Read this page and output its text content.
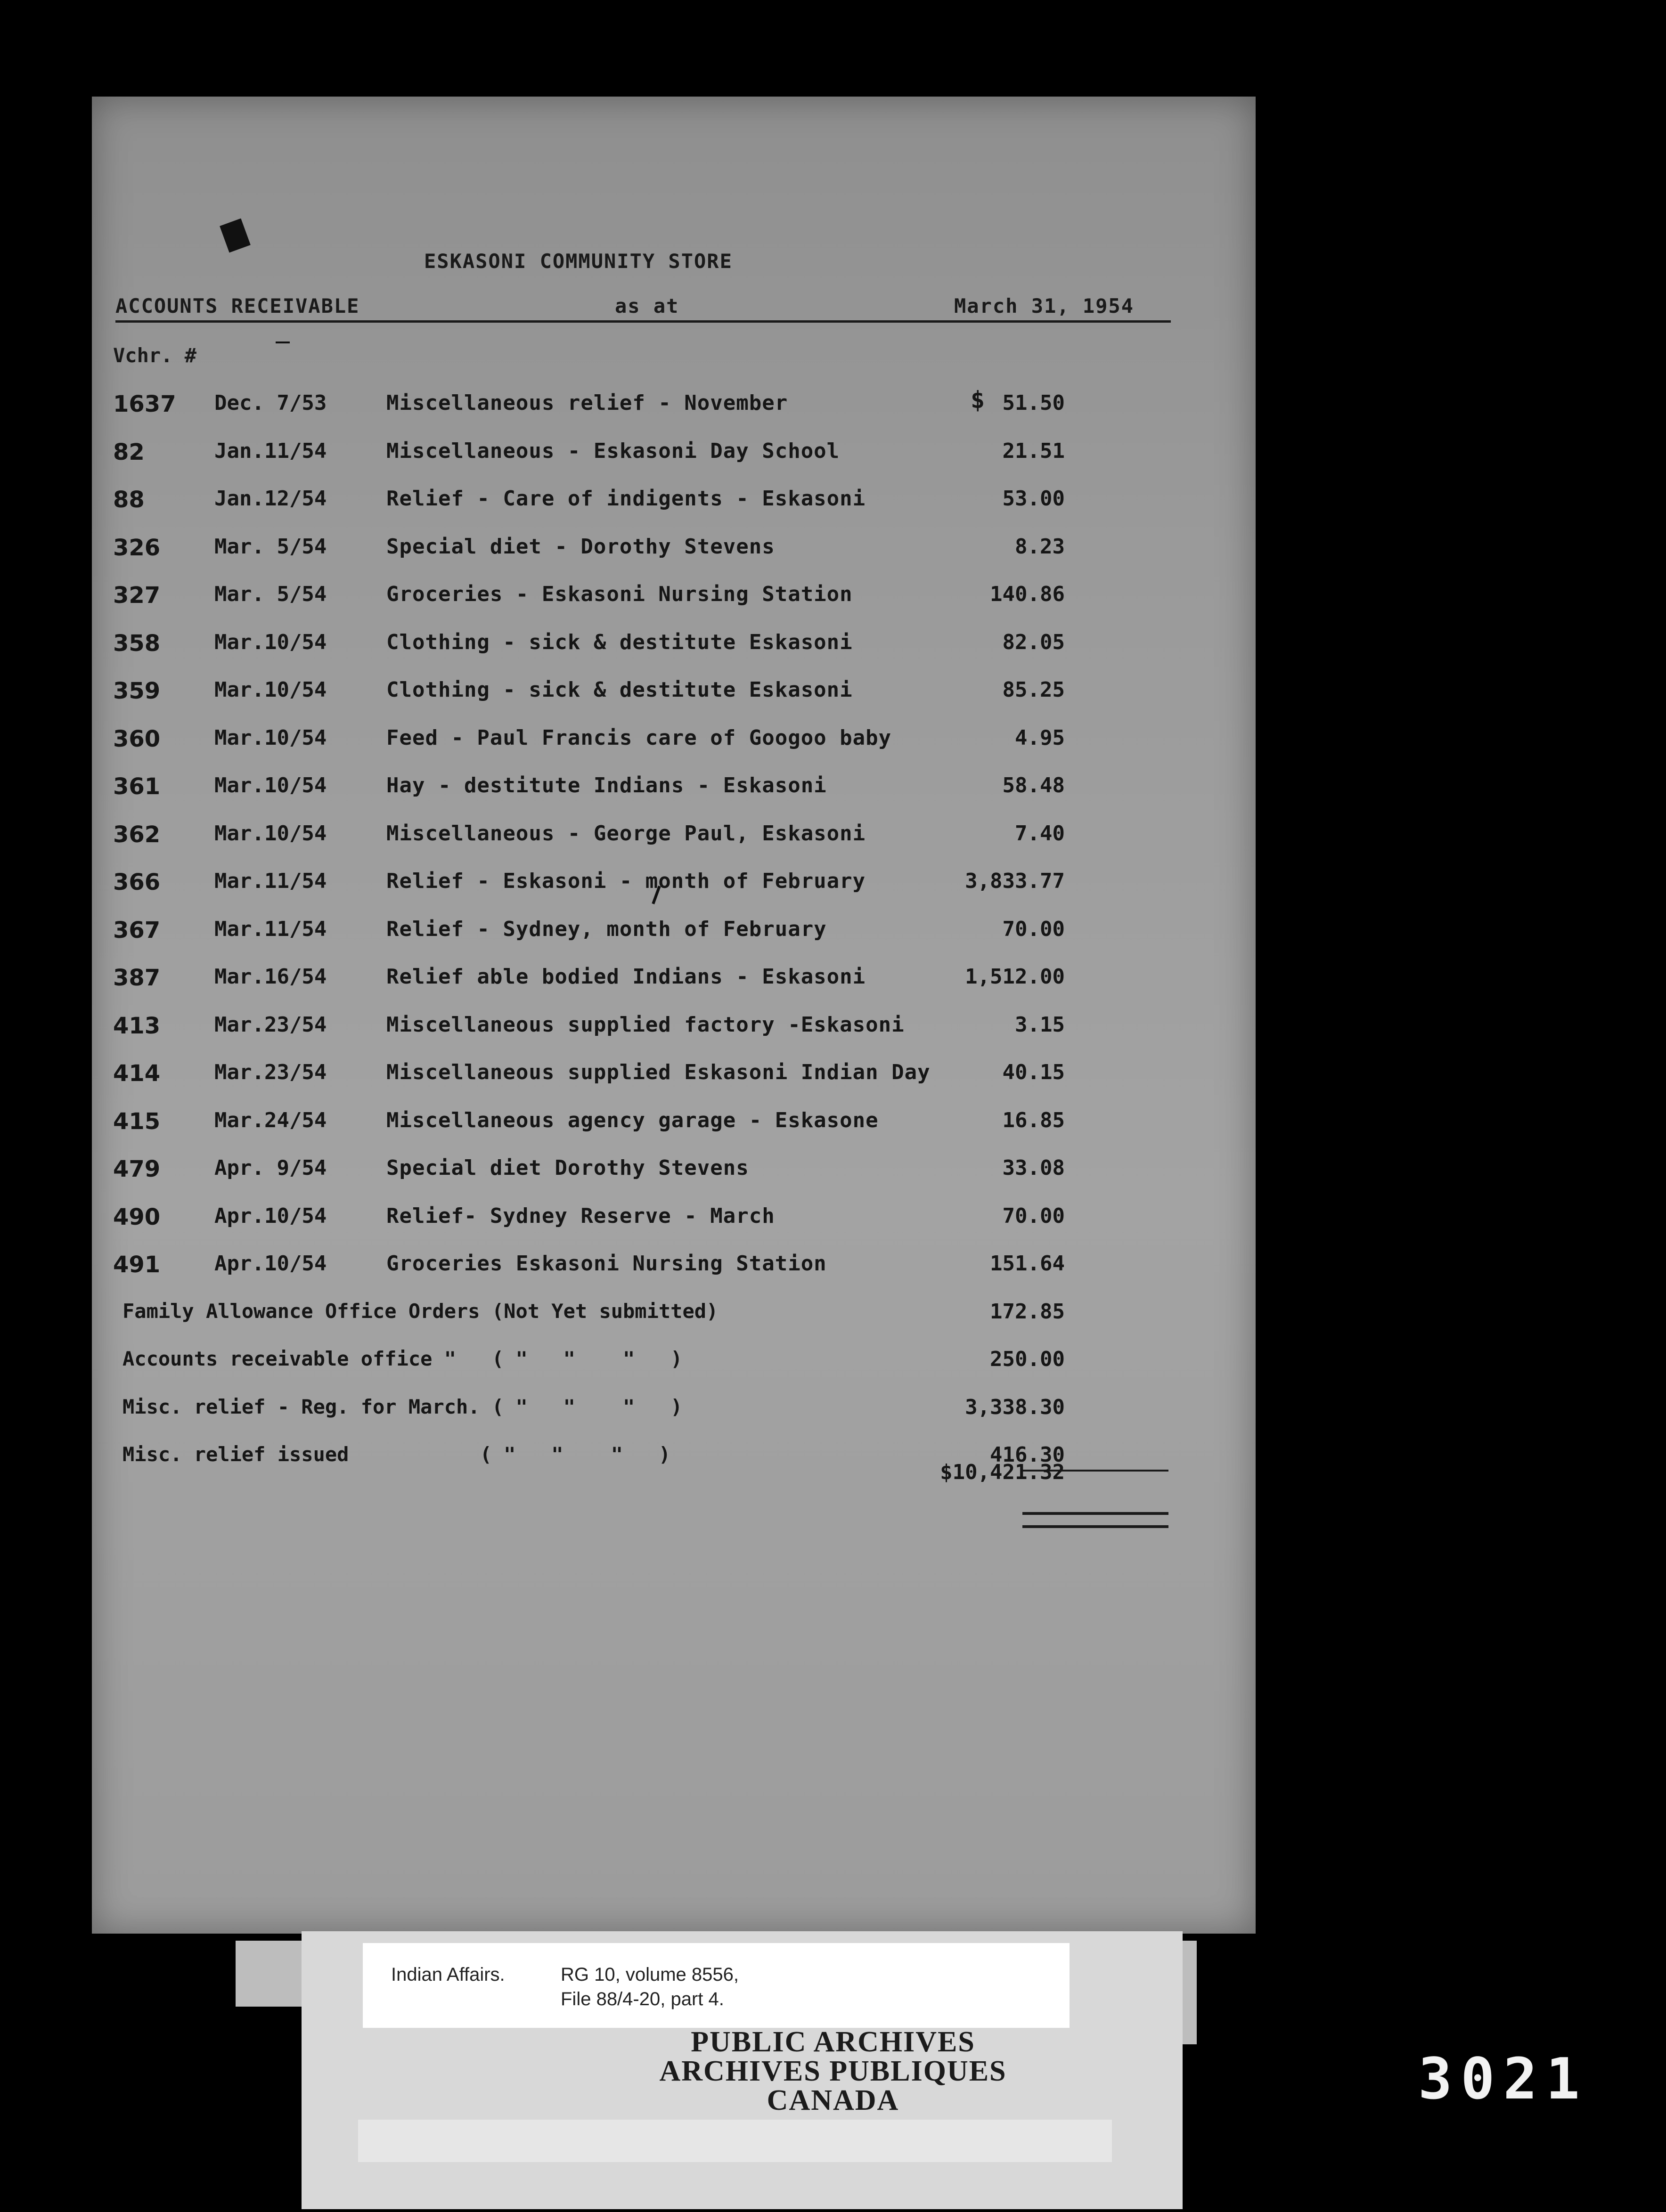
ESKASONI COMMUNITY STORE
ACCOUNTS RECEIVABLE	as at	March 31, 1954
Vchr. #
$
1637 Dec. 7/53	Miscellaneous relief - November	51.50
82	Jan.11/54	Miscellaneous - Eskasoni Day School	21.51
88	Jan.12/54	Relief - Care of indigents - Eskasoni	53.00
326	Mar. 5/54	Special diet - Dorothy Stevens	8.23
327	Mar. 5/54	Groceries - Eskasoni Nursing Station	140.86
358	Mar.10/54	Clothing - sick & destitute Eskasoni	82.05
359	Mar.10/54	Clothing - sick & destitute Eskasoni	85.25
360	Mar.10/54	Feed - Paul Francis care of Googoo baby	4.95
361	Mar.10/54	Hay - destitute Indians - Eskasoni	58.48
362	Mar.10/54	Miscellaneous - George Paul, Eskasoni	7.40
366	Mar.11/54	Relief - Eskasoni - month of February	3,833.77
367	Mar.11/54	Relief - Sydney, month of February	70.00
387	Mar.16/54	Relief able bodied Indians - Eskasoni	1,512.00
413	Mar.23/54	Miscellaneous supplied factory -Eskasoni	3.15
414	Mar.23/54	Miscellaneous supplied Eskasoni Indian Day	40.15
415	Mar.24/54	Miscellaneous agency garage - Eskasone	16.85
479	Apr. 9/54	Special diet Dorothy Stevens	33.08
490	Apr.10/54	Relief- Sydney Reserve - March	70.00
491	Apr.10/54	Groceries Eskasoni Nursing Station	151.64
Family Allowance Office Orders (Not Yet submitted)	172.85
Accounts receivable office "   ( "   "    "   )	250.00
Misc. relief - Reg. for March. ( "   "    "   )	3,338.30
Misc. relief issued           ( "   "    "   )	416.30
$10,421.32
Indian Affairs.	RG 10, volume 8556,
File 88/4-20, part 4.
PUBLIC ARCHIVES
ARCHIVES PUBLIQUES
CANADA	3021
